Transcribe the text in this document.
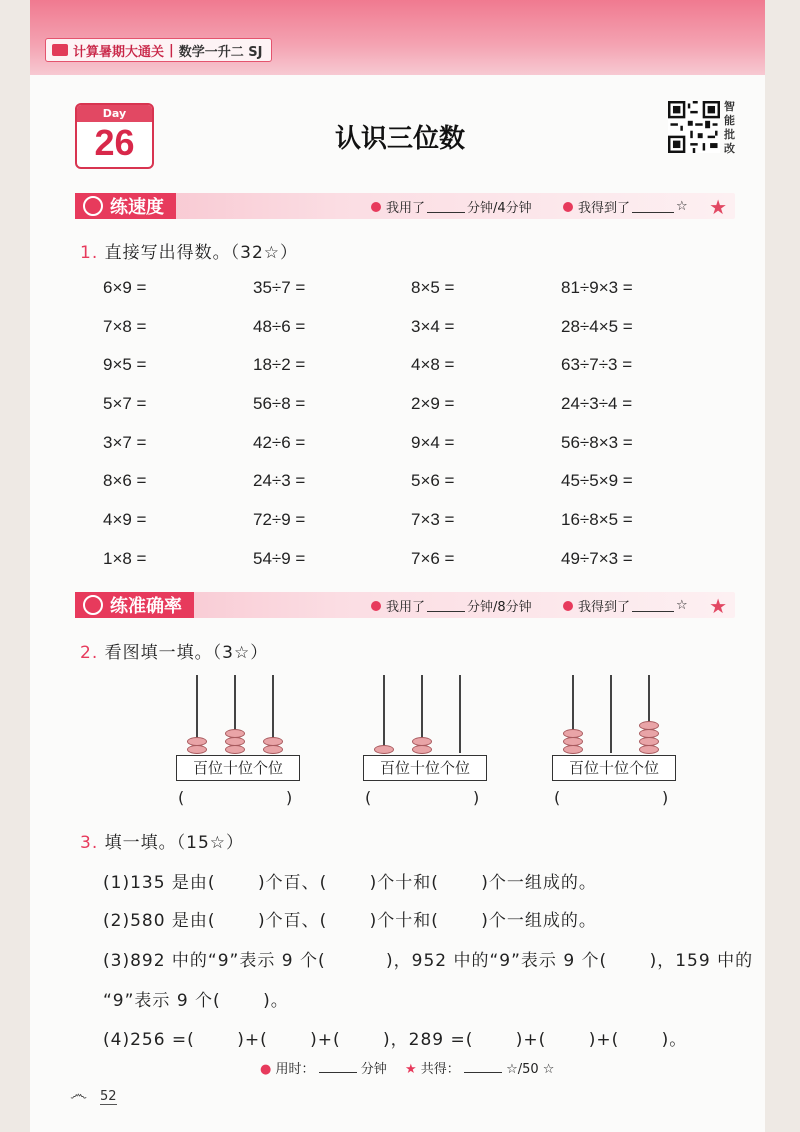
计算暑期大通关 | 数学一升二 SJ
Day
26	认识三位数
智能批改
练速度	我用了	分钟/4分钟	我得到了	☆ ★
1. 直接写出得数。（32☆）
6×9 =	35÷7 =	8×5 =	81÷9×3 =
7×8 =	48÷6 =	3×4 =	28÷4×5 =
9×5 =	18÷2 =	4×8 =	63÷7÷3 =
5×7 =	56÷8 =	2×9 =	24÷3÷4 =
3×7 =	42÷6 =	9×4 =	56÷8×3 =
8×6 =	24÷3 =	5×6 =	45÷5×9 =
4×9 =	72÷9 =	7×3 =	16÷8×5 =
1×8 =	54÷9 =	7×6 =	49÷7×3 =
练准确率	我用了	分钟/8分钟	我得到了	☆ ★
2. 看图填一填。（3☆）
百位十位个位
(	)
百位十位个位
(	)
百位十位个位
(	)
3. 填一填。（15☆）
(1)135 是由(　　 )个百、(　　 )个十和(　　 )个一组成的。
(2)580 是由(　　 )个百、(　　 )个十和(　　 )个一组成的。
(3)892 中的“9”表示 9 个(　　　 )，952 中的“9”表示 9 个(　　 )，159 中的
“9”表示 9 个(　　 )。
(4)256 =(　　 )+(　　 )+(　　 )，289 =(　　 )+(　　 )+(　　 )。
● 用时：	分钟 ★ 共得：	☆/50 ☆
෴ 52
